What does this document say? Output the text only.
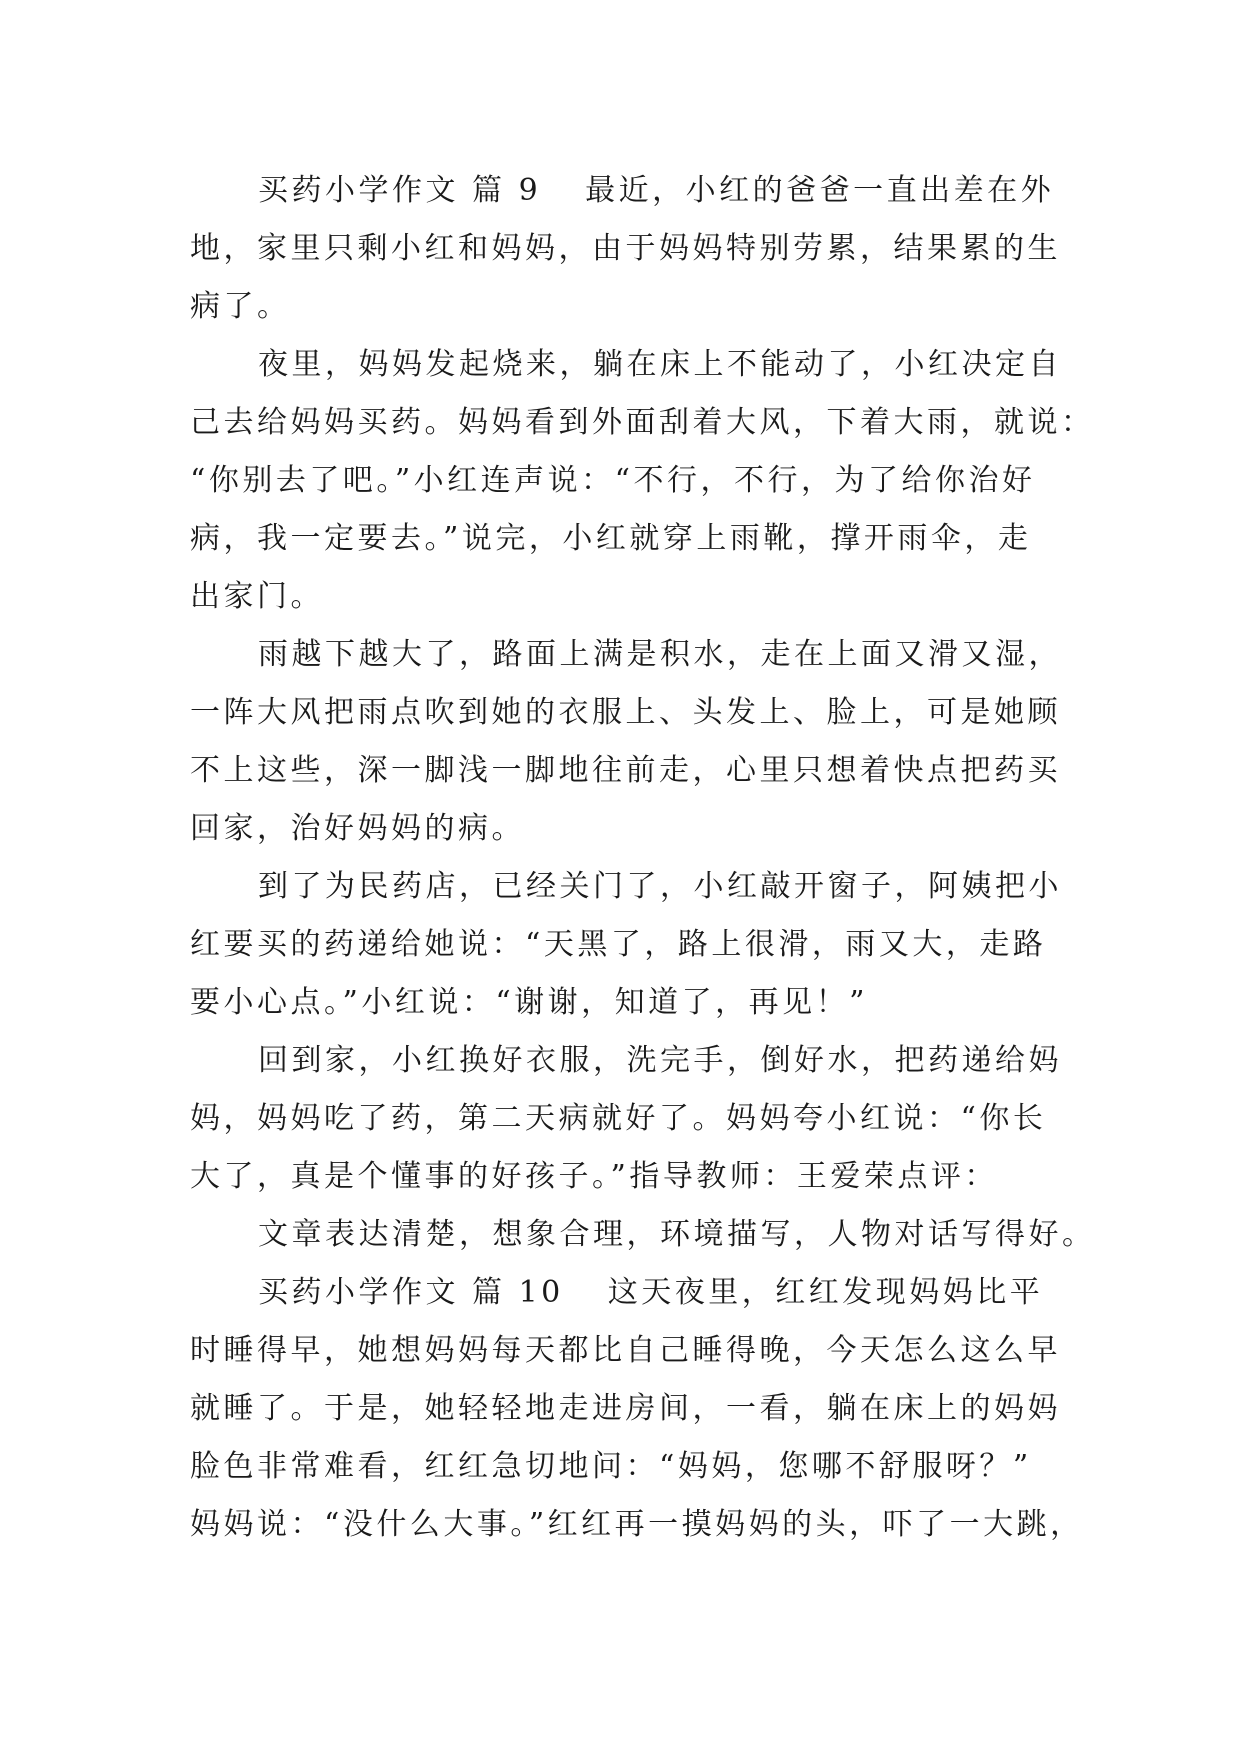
买药小学作文 篇 9 最近，小红的爸爸一直出差在外
地，家里只剩小红和妈妈，由于妈妈特别劳累，结果累的生
病了。
夜里，妈妈发起烧来，躺在床上不能动了，小红决定自
己去给妈妈买药。妈妈看到外面刮着大风，下着大雨，就说：
“你别去了吧。”小红连声说：“不行，不行，为了给你治好
病，我一定要去。”说完，小红就穿上雨靴，撑开雨伞，走
出家门。
雨越下越大了，路面上满是积水，走在上面又滑又湿，
一阵大风把雨点吹到她的衣服上、头发上、脸上，可是她顾
不上这些，深一脚浅一脚地往前走，心里只想着快点把药买
回家，治好妈妈的病。
到了为民药店，已经关门了，小红敲开窗子，阿姨把小
红要买的药递给她说：“天黑了，路上很滑，雨又大，走路
要小心点。”小红说：“谢谢，知道了，再见！”
回到家，小红换好衣服，洗完手，倒好水，把药递给妈
妈，妈妈吃了药，第二天病就好了。妈妈夸小红说：“你长
大了，真是个懂事的好孩子。”指导教师：王爱荣点评：
文章表达清楚，想象合理，环境描写，人物对话写得好。
买药小学作文 篇 10 这天夜里，红红发现妈妈比平
时睡得早，她想妈妈每天都比自己睡得晚，今天怎么这么早
就睡了。于是，她轻轻地走进房间，一看，躺在床上的妈妈
脸色非常难看，红红急切地问：“妈妈，您哪不舒服呀？”
妈妈说：“没什么大事。”红红再一摸妈妈的头，吓了一大跳，
